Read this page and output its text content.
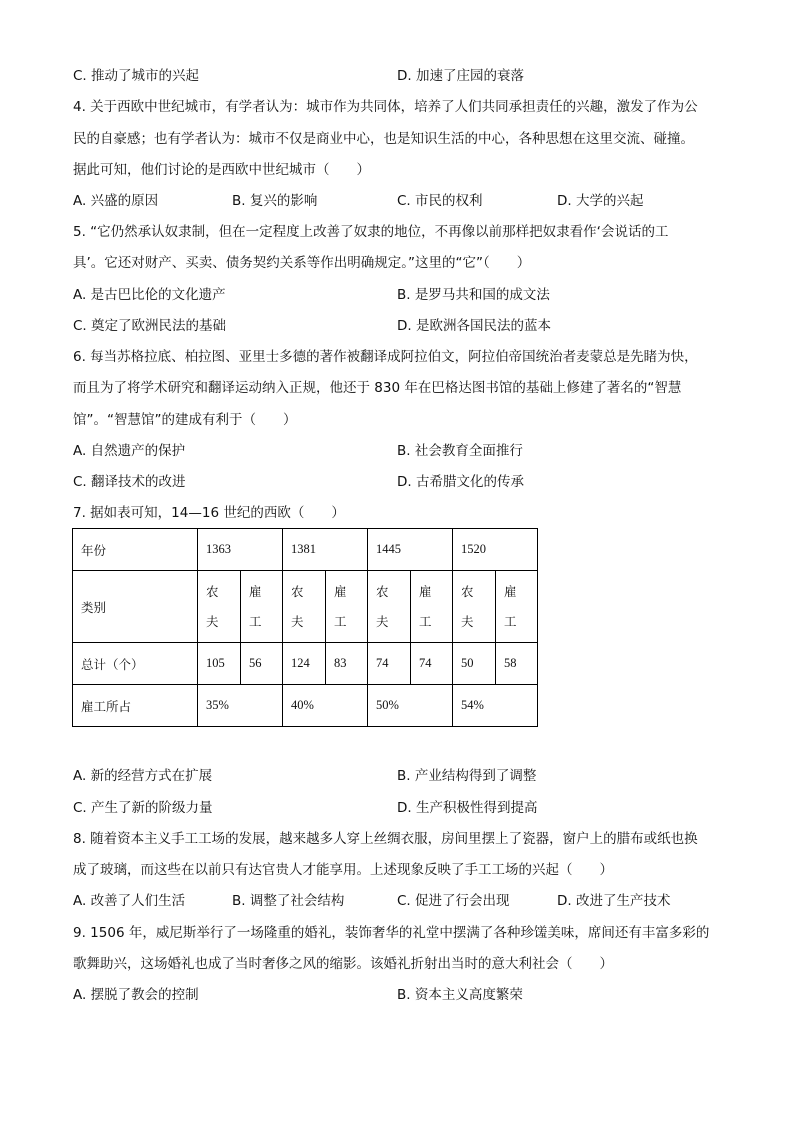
C. 推动了城市的兴起	D. 加速了庄园的衰落
4. 关于西欧中世纪城市，有学者认为：城市作为共同体，培养了人们共同承担责任的兴趣，激发了作为公
民的自豪感；也有学者认为：城市不仅是商业中心，也是知识生活的中心，各种思想在这里交流、碰撞。
据此可知，他们讨论的是西欧中世纪城市（　　）
A. 兴盛的原因	B. 复兴的影响	C. 市民的权利	D. 大学的兴起
5. “它仍然承认奴隶制，但在一定程度上改善了奴隶的地位，不再像以前那样把奴隶看作‘会说话的工
具’。它还对财产、买卖、债务契约关系等作出明确规定。”这里的“它”（　　）
A. 是古巴比伦的文化遗产	B. 是罗马共和国的成文法
C. 奠定了欧洲民法的基础	D. 是欧洲各国民法的蓝本
6. 每当苏格拉底、柏拉图、亚里士多德的著作被翻译成阿拉伯文，阿拉伯帝国统治者麦蒙总是先睹为快，
而且为了将学术研究和翻译运动纳入正规，他还于 830 年在巴格达图书馆的基础上修建了著名的“智慧
馆”。“智慧馆”的建成有利于（　　）
A. 自然遗产的保护	B. 社会教育全面推行
C. 翻译技术的改进	D. 古希腊文化的传承
7. 据如表可知，14—16 世纪的西欧（　　）
年份	1363		1381		1445		1520	
类别	农夫	雇工	农夫	雇工	农夫	雇工	农夫	雇工
总计（个）	105	56	124	83	74	74	50	58
雇工所占	35%		40%		50%		54%	
A. 新的经营方式在扩展	B. 产业结构得到了调整
C. 产生了新的阶级力量	D. 生产积极性得到提高
8. 随着资本主义手工工场的发展，越来越多人穿上丝绸衣服，房间里摆上了瓷器，窗户上的腊布或纸也换
成了玻璃，而这些在以前只有达官贵人才能享用。上述现象反映了手工工场的兴起（　　）
A. 改善了人们生活	B. 调整了社会结构	C. 促进了行会出现	D. 改进了生产技术
9. 1506 年，威尼斯举行了一场隆重的婚礼，装饰奢华的礼堂中摆满了各种珍馐美味，席间还有丰富多彩的
歌舞助兴，这场婚礼也成了当时奢侈之风的缩影。该婚礼折射出当时的意大利社会（　　）
A. 摆脱了教会的控制	B. 资本主义高度繁荣
